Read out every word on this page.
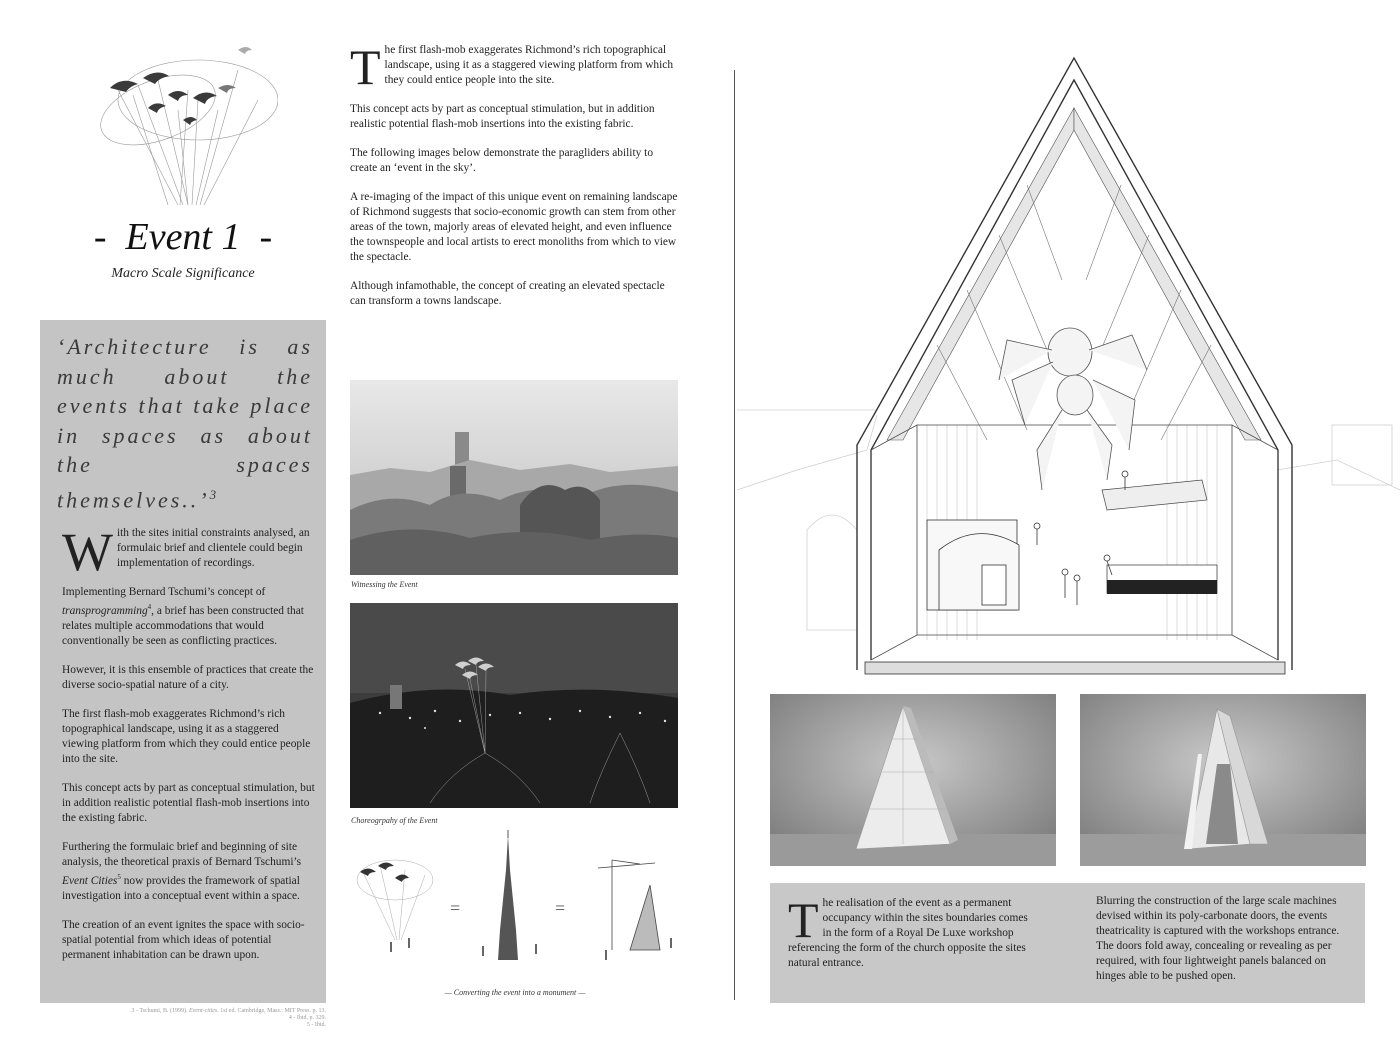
- Event 1 -
Macro Scale Significance
‘Architecture is as much about the events that take place in spaces as about the spaces themselves..’$^3$

With the sites initial constraints analysed, an formulaic brief and clientele could begin implementation of recordings.

Implementing Bernard Tschumi’s concept of transprogramming$^4$, a brief has been constructed that relates multiple accommodations that would conventionally be seen as conflicting practices.

However, it is this ensemble of practices that create the diverse socio-spatial nature of a city.

The first flash-mob exaggerates Richmond’s rich topographical landscape, using it as a staggered viewing platform from which they could entice people into the site.

This concept acts by part as conceptual stimulation, but in addition realistic potential flash-mob insertions into the existing fabric.

Furthering the formulaic brief and beginning of site analysis, the theoretical praxis of Bernard Tschumi’s Event Cities$^5$ now provides the framework of spatial investigation into a conceptual event within a space.

The creation of an event ignites the space with socio-spatial potential from which ideas of potential permanent inhabitation can be drawn upon.

3 - Tschumi, B. (1999). Event-cities. 1st ed. Cambridge, Mass.: MIT Press. p. 13.
4 - Ibid, p. 329.
5 - Ibid.

The first flash-mob exaggerates Richmond’s rich topographical landscape, using it as a staggered viewing platform from which they could entice people into the site.

This concept acts by part as conceptual stimulation, but in addition realistic potential flash-mob insertions into the existing fabric.

The following images below demonstrate the paragliders ability to create an ‘event in the sky’.

A re-imaging of the impact of this unique event on remaining landscape of Richmond suggests that socio-economic growth can stem from other areas of the town, majorly areas of elevated height, and even influence the townspeople and local artists to erect monoliths from which to view the spectacle.

Although infamothable, the concept of creating an elevated spectacle can transform a towns landscape.

Witnessing the Event
Choreogrpahy of the Event
=	=
— Converting the event into a monument —
The realisation of the event as a permanent occupancy within the sites boundaries comes in the form of a Royal De Luxe workshop referencing the form of the church opposite the sites natural entrance.
Blurring the construction of the large scale machines devised within its poly-carbonate doors, the events theatricality is captured with the workshops entrance. The doors fold away, concealing or revealing as per required, with four lightweight panels balanced on hinges able to be pushed open.
